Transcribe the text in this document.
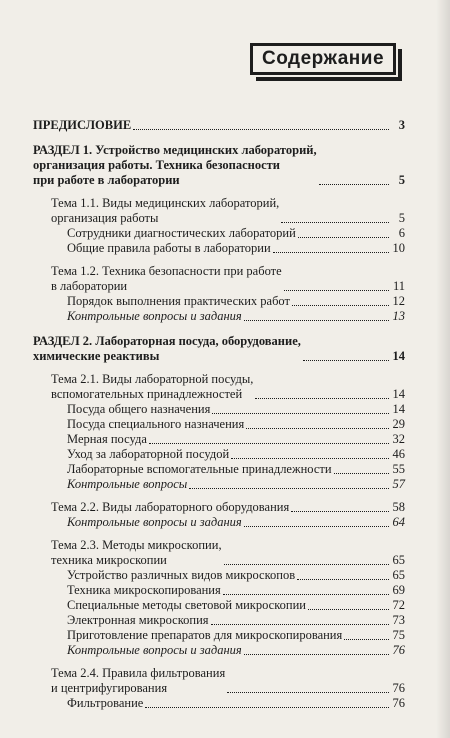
Содержание
ПРЕДИСЛОВИЕ	3
РАЗДЕЛ 1. Устройство медицинских лабораторий,
организация работы. Техника безопасности
при работе в лаборатории	5
Тема 1.1. Виды медицинских лабораторий,
организация работы	5
Сотрудники диагностических лабораторий	6
Общие правила работы в лаборатории	10
Тема 1.2. Техника безопасности при работе
в лаборатории	11
Порядок выполнения практических работ	12
Контрольные вопросы и задания	13
РАЗДЕЛ 2. Лабораторная посуда, оборудование,
химические реактивы	14
Тема 2.1. Виды лабораторной посуды,
вспомогательных принадлежностей	14
Посуда общего назначения	14
Посуда специального назначения	29
Мерная посуда	32
Уход за лабораторной посудой	46
Лабораторные вспомогательные принадлежности	55
Контрольные вопросы	57
Тема 2.2. Виды лабораторного оборудования	58
Контрольные вопросы и задания	64
Тема 2.3. Методы микроскопии,
техника микроскопии	65
Устройство различных видов микроскопов	65
Техника микроскопирования	69
Специальные методы световой микроскопии	72
Электронная микроскопия	73
Приготовление препаратов для микроскопирования	75
Контрольные вопросы и задания	76
Тема 2.4. Правила фильтрования
и центрифугирования	76
Фильтрование	76
